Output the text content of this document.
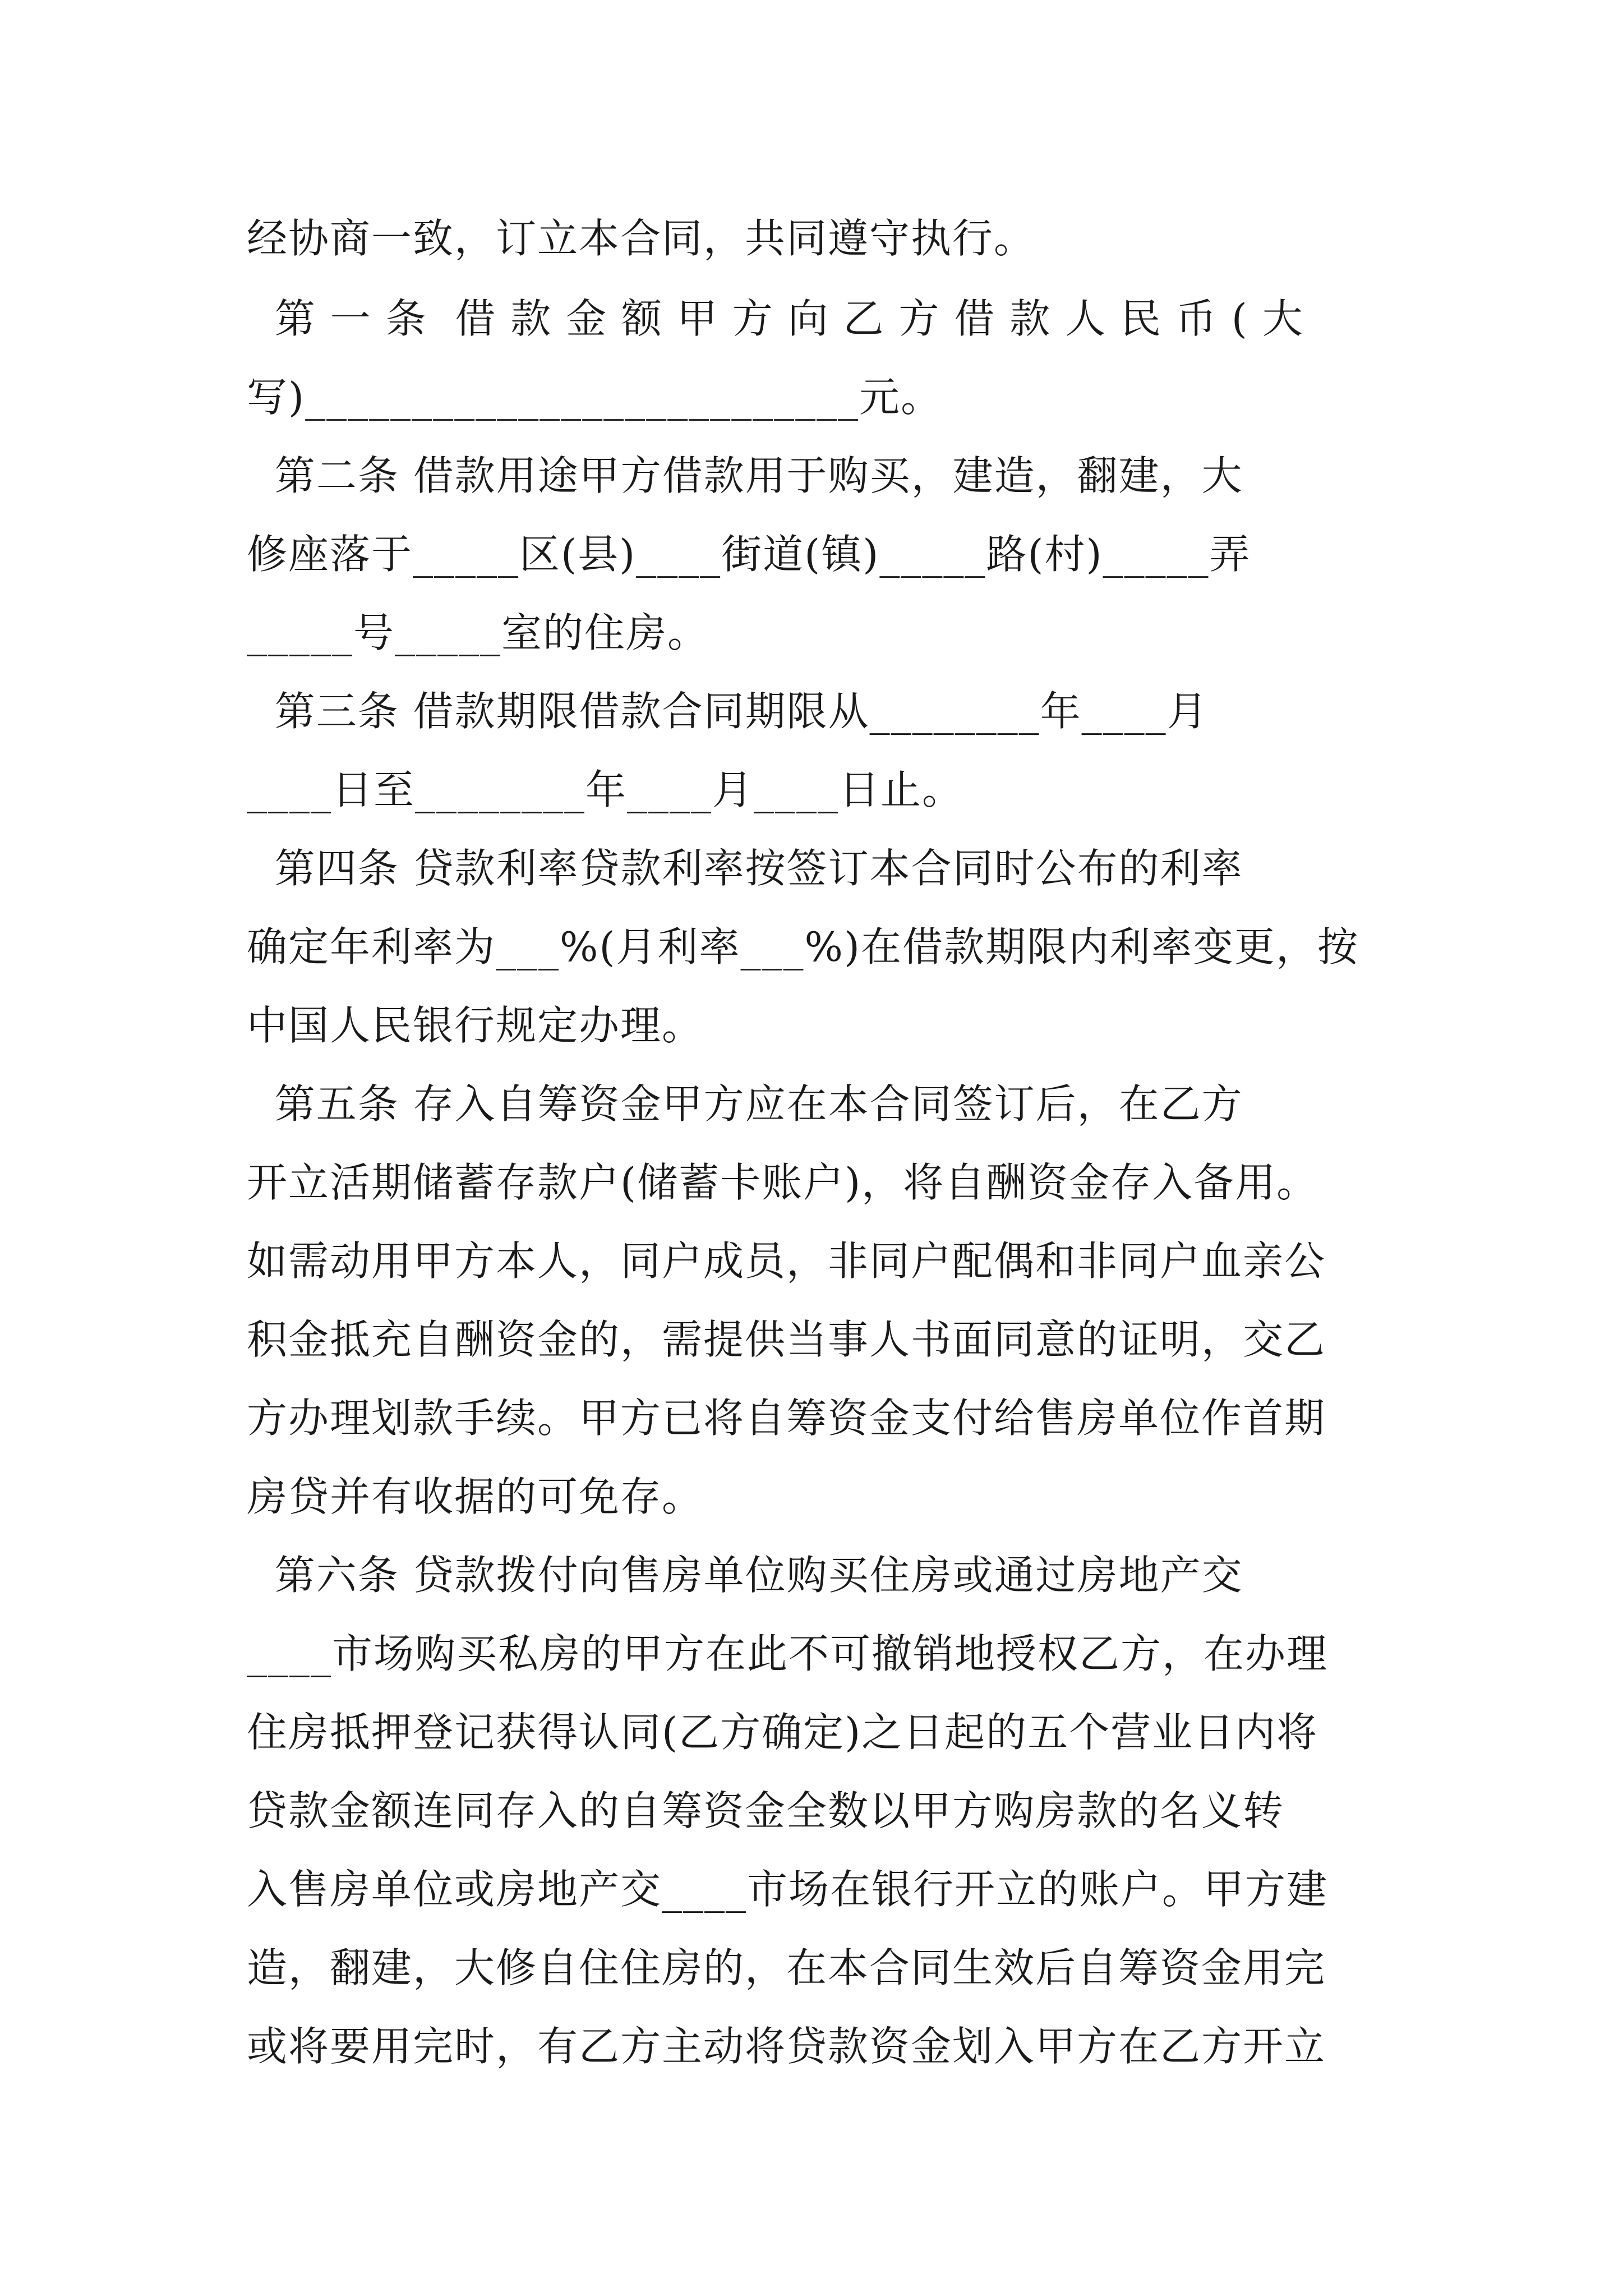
经协商一致，订立本合同，共同遵守执行。
第 一 条  借 款 金 额 甲 方 向 乙 方 借 款 人 民 币 ( 大
写)__________________________元。
第二条 借款用途甲方借款用于购买，建造，翻建，大
修座落于_____区(县)____街道(镇)_____路(村)_____弄
_____号_____室的住房。
第三条 借款期限借款合同期限从________年____月
____日至________年____月____日止。
第四条 贷款利率贷款利率按签订本合同时公布的利率
确定年利率为___%(月利率___%)在借款期限内利率变更，按
中国人民银行规定办理。
第五条 存入自筹资金甲方应在本合同签订后，在乙方
开立活期储蓄存款户(储蓄卡账户)，将自酬资金存入备用。
如需动用甲方本人，同户成员，非同户配偶和非同户血亲公
积金抵充自酬资金的，需提供当事人书面同意的证明，交乙
方办理划款手续。甲方已将自筹资金支付给售房单位作首期
房贷并有收据的可免存。
第六条 贷款拨付向售房单位购买住房或通过房地产交
____市场购买私房的甲方在此不可撤销地授权乙方，在办理
住房抵押登记获得认同(乙方确定)之日起的五个营业日内将
贷款金额连同存入的自筹资金全数以甲方购房款的名义转
入售房单位或房地产交____市场在银行开立的账户。甲方建
造，翻建，大修自住住房的，在本合同生效后自筹资金用完
或将要用完时，有乙方主动将贷款资金划入甲方在乙方开立
